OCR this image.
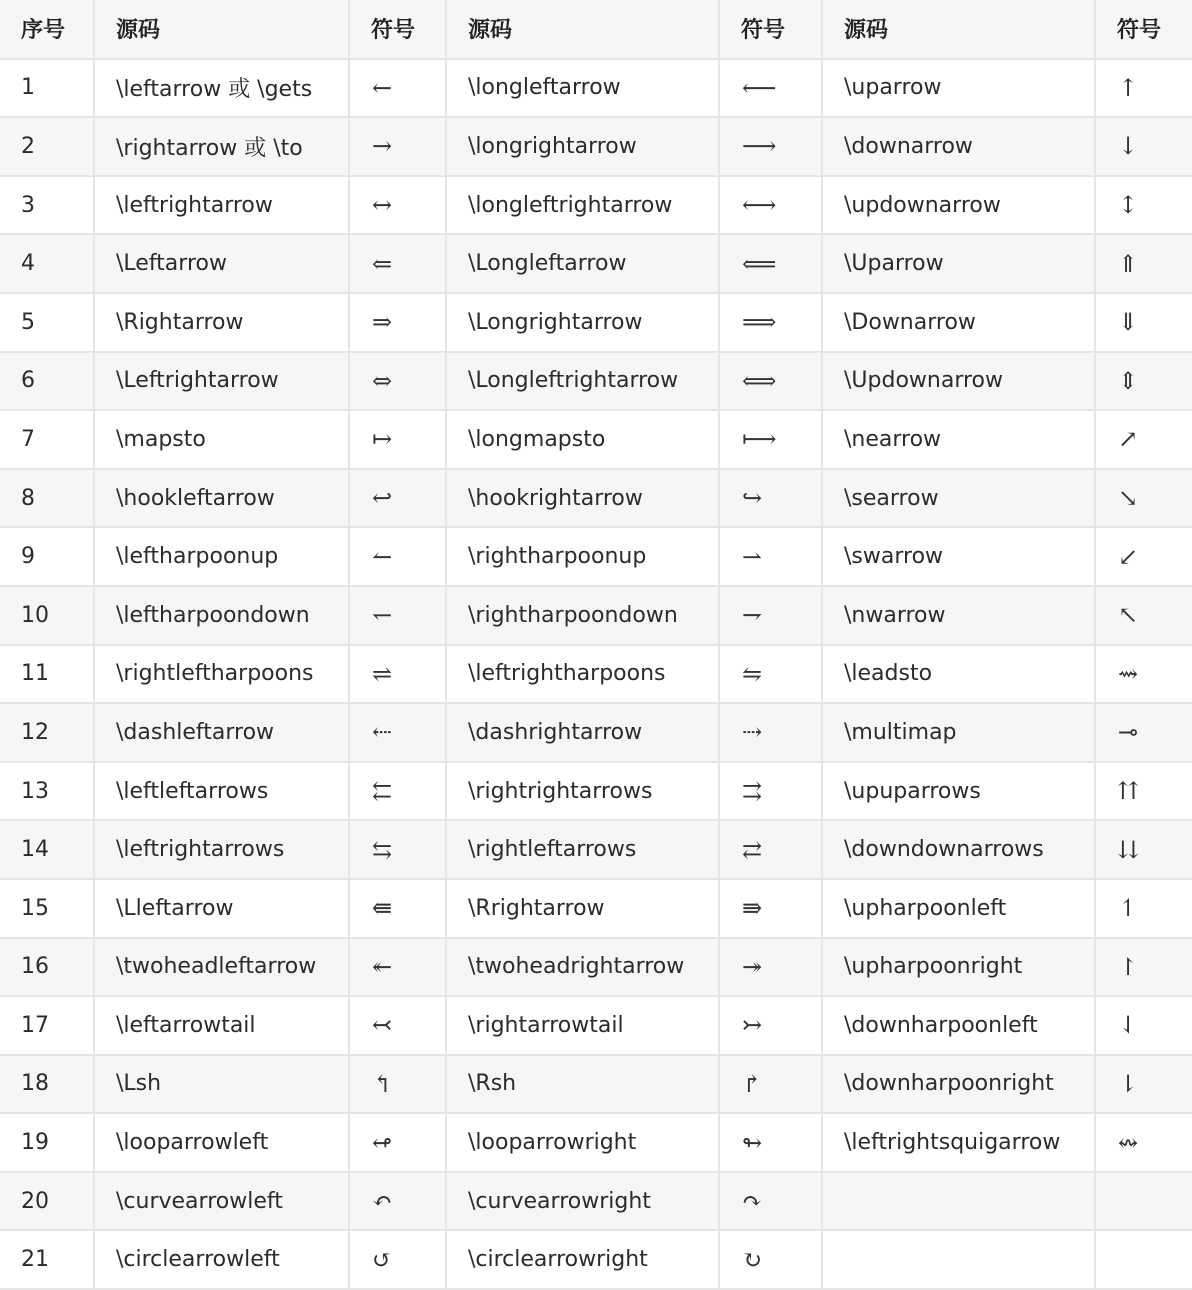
序号	源码	符号	源码	符号	源码	符号
1	\leftarrow 或 \gets	←	\longleftarrow	⟵	\uparrow	↑
2	\rightarrow 或 \to	→	\longrightarrow	⟶	\downarrow	↓
3	\leftrightarrow	↔	\longleftrightarrow	⟷	\updownarrow	↕
4	\Leftarrow	⇐	\Longleftarrow	⟸	\Uparrow	⇑
5	\Rightarrow	⇒	\Longrightarrow	⟹	\Downarrow	⇓
6	\Leftrightarrow	⇔	\Longleftrightarrow	⟺	\Updownarrow	⇕
7	\mapsto	↦	\longmapsto	⟼	\nearrow	↗
8	\hookleftarrow	↩	\hookrightarrow	↪	\searrow	↘
9	\leftharpoonup	↼	\rightharpoonup	⇀	\swarrow	↙
10	\leftharpoondown	↽	\rightharpoondown	⇁	\nwarrow	↖
11	\rightleftharpoons	⇌	\leftrightharpoons	⇋	\leadsto	⇝
12	\dashleftarrow	⇠	\dashrightarrow	⇢	\multimap	⊸
13	\leftleftarrows	⇇	\rightrightarrows	⇉	\upuparrows	⇈
14	\leftrightarrows	⇆	\rightleftarrows	⇄	\downdownarrows	⇊
15	\Lleftarrow	⇚	\Rrightarrow	⇛	\upharpoonleft	↿
16	\twoheadleftarrow	↞	\twoheadrightarrow	↠	\upharpoonright	↾
17	\leftarrowtail	↢	\rightarrowtail	↣	\downharpoonleft	⇃
18	\Lsh	↰	\Rsh	↱	\downharpoonright	⇂
19	\looparrowleft	↫	\looparrowright	↬	\leftrightsquigarrow	↭
20	\curvearrowleft	↶	\curvearrowright	↷		
21	\circlearrowleft	↺	\circlearrowright	↻		
